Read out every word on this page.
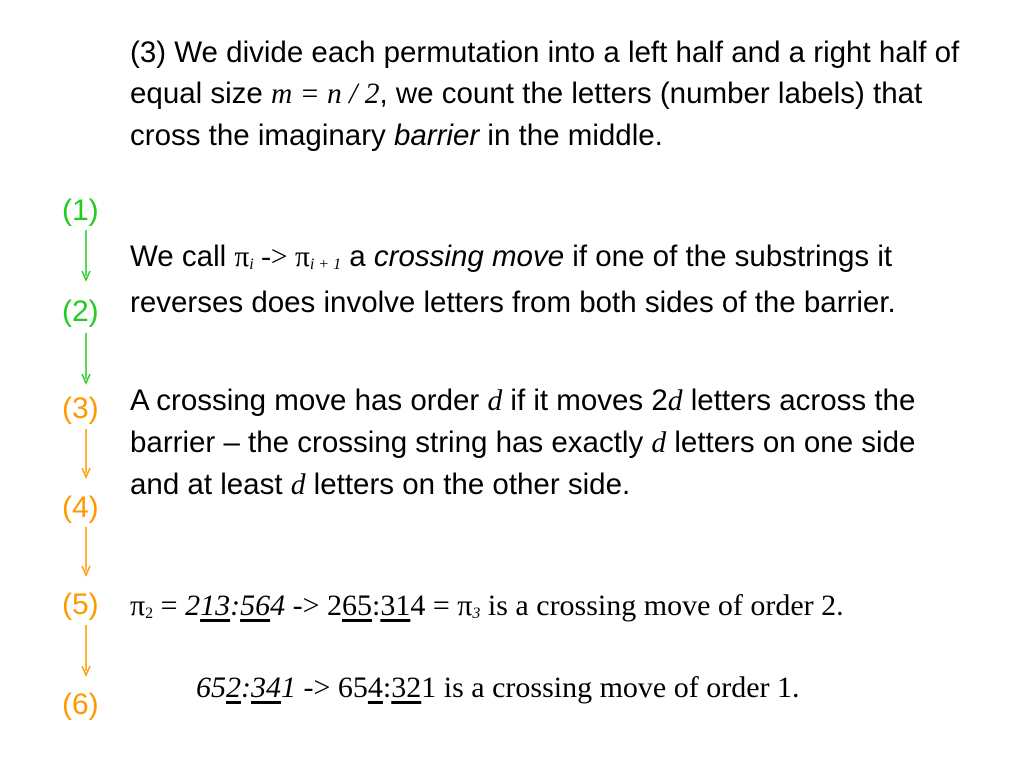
(1)
(2)
(3)
(4)
(5)
(6)
(3) We divide each permutation into a left half and a right half of equal size m = n / 2, we count the letters (number labels) that cross the imaginary barrier in the middle.
We call πi -> πi + 1 a crossing move if one of the substrings it reverses does involve letters from both sides of the barrier.
A crossing move has order d if it moves 2d letters across the barrier – the crossing string has exactly d letters on one side and at least d letters on the other side.
π2 = 213:564 -> 265:314 = π3 is a crossing move of order 2.
652:341 -> 654:321 is a crossing move of order 1.
